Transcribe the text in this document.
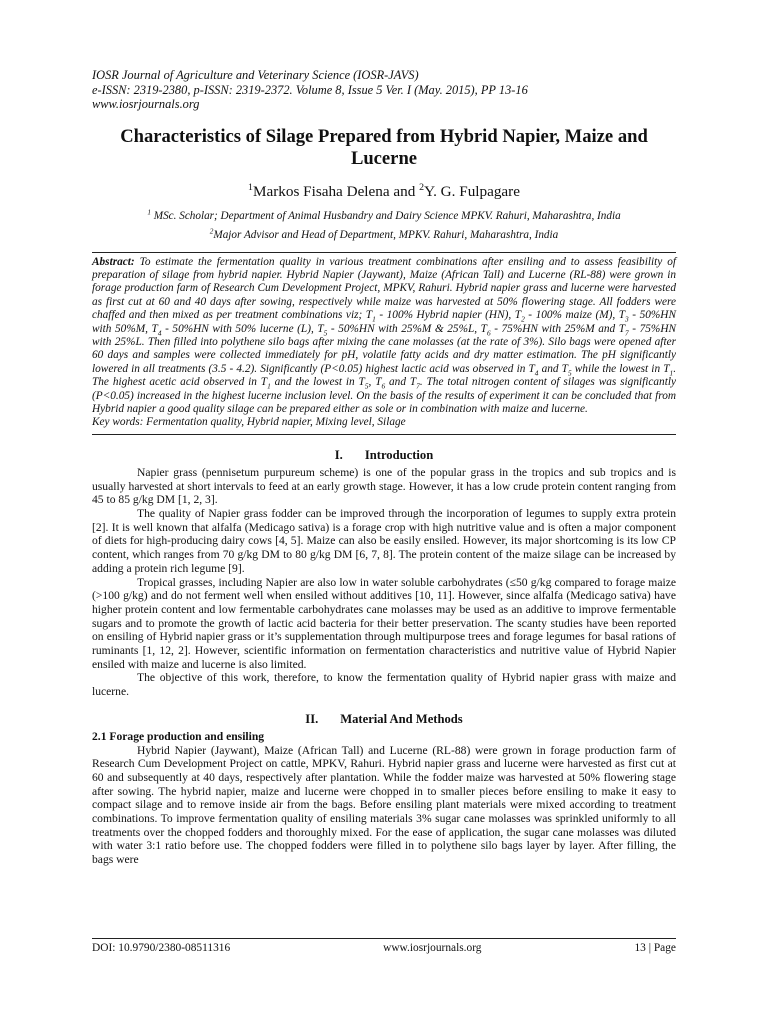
IOSR Journal of Agriculture and Veterinary Science (IOSR-JAVS)
e-ISSN: 2319-2380, p-ISSN: 2319-2372. Volume 8, Issue 5 Ver. I (May. 2015), PP 13-16
www.iosrjournals.org
Characteristics of Silage Prepared from Hybrid Napier, Maize and Lucerne
$^1$Markos Fisaha Delena and $^2$Y. G. Fulpagare
$^1$ MSc. Scholar; Department of Animal Husbandry and Dairy Science MPKV. Rahuri, Maharashtra, India
$^2$Major Advisor and Head of Department, MPKV. Rahuri, Maharashtra, India
Abstract: To estimate the fermentation quality in various treatment combinations after ensiling and to assess feasibility of preparation of silage from hybrid napier. Hybrid Napier (Jaywant), Maize (African Tall) and Lucerne (RL-88) were grown in forage production farm of Research Cum Development Project, MPKV, Rahuri. Hybrid napier grass and lucerne were harvested as first cut at 60 and 40 days after sowing, respectively while maize was harvested at 50% flowering stage. All fodders were chaffed and then mixed as per treatment combinations viz; $T_1 - 100\%$ Hybrid napier (HN), $T_2 - 100\%$ maize (M), $T_3 - 50\%HN$ with 50%M, $T_4 - 50\%HN$ with 50% lucerne (L), $T_5 - 50\%HN$ with 25%M & 25%L, $T_6 - 75\%HN$ with 25%M and $T_7 - 75\%HN$ with 25%L. Then filled into polythene silo bags after mixing the cane molasses (at the rate of 3%). Silo bags were opened after 60 days and samples were collected immediately for pH, volatile fatty acids and dry matter estimation. The pH significantly lowered in all treatments (3.5 - 4.2). Significantly (P<0.05) highest lactic acid was observed in $T_4$ and $T_5$ while the lowest in $T_1$. The highest acetic acid observed in $T_1$ and the lowest in $T_5$, $T_6$ and $T_7$. The total nitrogen content of silages was significantly (P<0.05) increased in the highest lucerne inclusion level. On the basis of the results of experiment it can be concluded that from Hybrid napier a good quality silage can be prepared either as sole or in combination with maize and lucerne.
Key words: Fermentation quality, Hybrid napier, Mixing level, Silage
I. Introduction

Napier grass (pennisetum purpureum scheme) is one of the popular grass in the tropics and sub tropics and is usually harvested at short intervals to feed at an early growth stage. However, it has a low crude protein content ranging from 45 to 85 g/kg DM [1, 2, 3].

The quality of Napier grass fodder can be improved through the incorporation of legumes to supply extra protein [2]. It is well known that alfalfa (Medicago sativa) is a forage crop with high nutritive value and is often a major component of diets for high-producing dairy cows [4, 5]. Maize can also be easily ensiled. However, its major shortcoming is its low CP content, which ranges from 70 g/kg DM to 80 g/kg DM [6, 7, 8]. The protein content of the maize silage can be increased by adding a protein rich legume [9].

Tropical grasses, including Napier are also low in water soluble carbohydrates (≤50 g/kg compared to forage maize (>100 g/kg) and do not ferment well when ensiled without additives [10, 11]. However, since alfalfa (Medicago sativa) have higher protein content and low fermentable carbohydrates cane molasses may be used as an additive to improve fermentable sugars and to promote the growth of lactic acid bacteria for their better preservation. The scanty studies have been reported on ensiling of Hybrid napier grass or it’s supplementation through multipurpose trees and forage legumes for basal rations of ruminants [1, 12, 2]. However, scientific information on fermentation characteristics and nutritive value of Hybrid Napier ensiled with maize and lucerne is also limited.

The objective of this work, therefore, to know the fermentation quality of Hybrid napier grass with maize and lucerne.

II. Material And Methods
2.1 Forage production and ensiling

Hybrid Napier (Jaywant), Maize (African Tall) and Lucerne (RL-88) were grown in forage production farm of Research Cum Development Project on cattle, MPKV, Rahuri. Hybrid napier grass and lucerne were harvested as first cut at 60 and subsequently at 40 days, respectively after plantation. While the fodder maize was harvested at 50% flowering stage after sowing. The hybrid napier, maize and lucerne were chopped in to smaller pieces before ensiling to make it easy to compact silage and to remove inside air from the bags. Before ensiling plant materials were mixed according to treatment combinations. To improve fermentation quality of ensiling materials 3% sugar cane molasses was sprinkled uniformly to all treatments over the chopped fodders and thoroughly mixed. For the ease of application, the sugar cane molasses was diluted with water 3:1 ratio before use. The chopped fodders were filled in to polythene silo bags layer by layer. After filling, the bags were

DOI: 10.9790/2380-08511316	www.iosrjournals.org	13 | Page
